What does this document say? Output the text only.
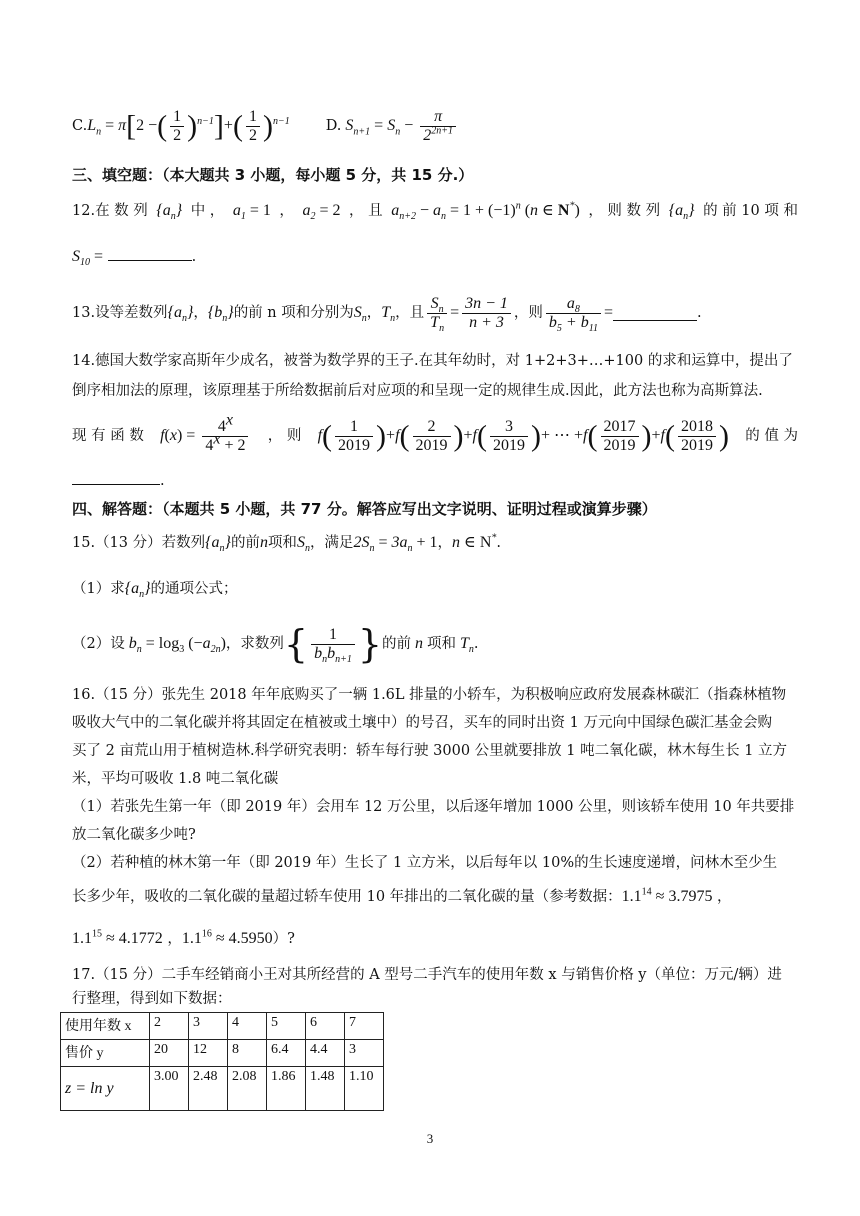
C. $L_n = \pi[2$ −( $\frac{1}{2} )^{n-1}]+( \frac{1}{2} )^{n-1}$ D. $S_{n+1} = S_n - \frac{\pi}{2^{2n+1}}$
三、填空题：（本大题共 3 小题，每小题 5 分，共 15 分.）
12.在 数 列 $\{a_n\}$ 中 ， $a_1 = 1$ ， $a_2 = 2$ ， 且 $a_{n+2} - a_n = 1 + (-1)^n$ (n ∈ N*) ， 则 数 列 $\{a_n\}$ 的 前 10 项 和
$S_{10}$ =	.
13. 设等差数列 $\{a_n\}$ ， $\{b_n\}$ 的前 n 项和分别为 $S_n$ ， $T_n$ ，且 $\frac{S_n}{T_n} = \frac{3n - 1}{n + 3}$ ，则 $\frac{a_8}{b_5 + b_{11}}$ =	.
14.德国大数学家高斯年少成名，被誉为数学界的王子.在其年幼时，对 1+2+3+…+100 的求和运算中，提出了
倒序相加法的原理，该原理基于所给数据前后对应项的和呈现一定的规律生成.因此，此方法也称为高斯算法.
现 有 函 数 $f(x) = \frac{4^x}{4^x + 2}$ ， 则 $f( \frac{1}{2019} )+f( \frac{2}{2019} )+f( \frac{3}{2019}$ )+ ⋯ $+f( \frac{2017}{2019} )+f( \frac{2018}{2019}$ ) 的 值 为
.
四、解答题：（本题共 5 小题，共 77 分。解答应写出文字说明、证明过程或演算步骤）
15.（13 分）若数列$\{a_n\}$的前n项和$S_n$，满足$2S_n = 3a_n + 1$，n ∈ N*.
（1）求$\{a_n\}$的通项公式；
（2）设 $b_n = \log_3 (-a_{2n})$ ，求数列 { $\frac{1}{b_nb_{n+1}}$ } 的前 n 项和 $T_n$ .
16.（15 分）张先生 2018 年年底购买了一辆 1.6L 排量的小轿车，为积极响应政府发展森林碳汇（指森林植物
吸收大气中的二氧化碳并将其固定在植被或土壤中）的号召，买车的同时出资 1 万元向中国绿色碳汇基金会购
买了 2 亩荒山用于植树造林.科学研究表明：轿车每行驶 3000 公里就要排放 1 吨二氧化碳，林木每生长 1 立方
米，平均可吸收 1.8 吨二氧化碳
（1）若张先生第一年（即 2019 年）会用车 12 万公里，以后逐年增加 1000 公里，则该轿车使用 10 年共要排
放二氧化碳多少吨?
（2）若种植的林木第一年（即 2019 年）生长了 1 立方米，以后每年以 10%的生长速度递增，问林木至少生
长多少年，吸收的二氧化碳的量超过轿车使用 10 年排出的二氧化碳的量（参考数据：$1.1^{14} \approx 3.7975$ ，
$1.1^{15} \approx 4.1772$ ，$1.1^{16} \approx 4.5950$）?
17.（15 分）二手车经销商小王对其所经营的 A 型号二手汽车的使用年数 x 与销售价格 y（单位：万元/辆）进
行整理，得到如下数据：
使用年数 x	2	3	4	5	6	7
售价 y	20	12	8	6.4	4.4	3
z = ln y	3.00	2.48	2.08	1.86	1.48	1.10
3
